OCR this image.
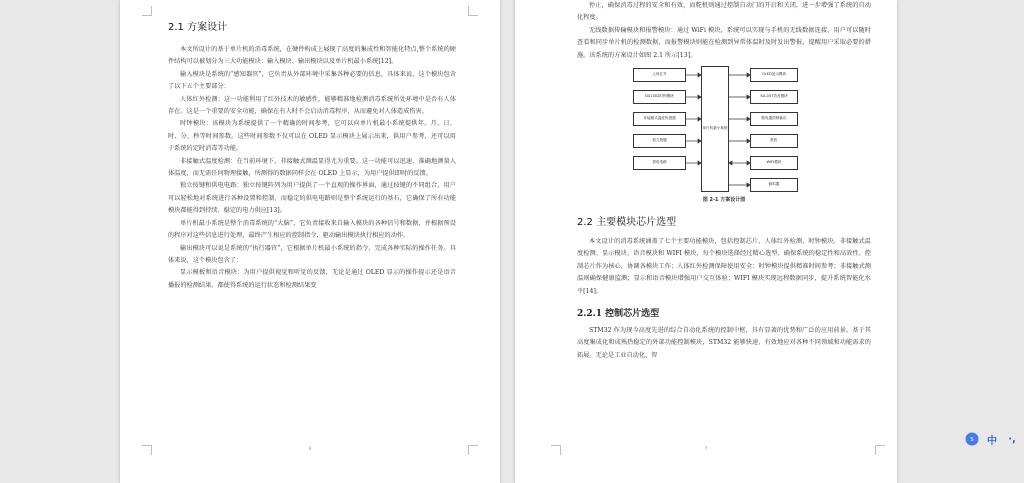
2.1 方案设计

本文所设计的基于单片机的消毒系统，在硬件构成上展现了高度的集成性和智能化特点,整个系统的硬件结构可以被划分为三大功能模块：输入模块、输出模块以及单片机最小系统[12]。

输入模块是系统的“感知器官”，它负责从外部环境中采集各种必要的信息，具体来说，这个模块包含了以下五个主要部分：

人体红外检测：这一功能利用了红外技术的敏感性，能够精准地检测消毒系统所处环境中是否有人体存在。这是一个重要的安全功能，确保在有人时不会启动消毒程序，从而避免对人体造成伤害。

时钟模块：该模块为系统提供了一个精确的时间参考，它可以向单片机最小系统提供年、月、日、时、分、秒等时间参数。这些时间参数不仅可以在 OLED 显示模块上展示出来，供用户参考，还可以用于系统的定时消毒等功能。

非接触式温度检测：在当前环境下，非接触式测温显得尤为重要。这一功能可以迅速、准确地测量人体温度，而无需任何物理接触，所测得的数据同样会在 OLED 上显示，为用户提供即时的反馈。

独立按键和供电电路：独立按键阵列为用户提供了一个直观的操作界面，通过按键的不同组合，用户可以轻松地对系统进行各种设置和控制，而稳定的供电电路则是整个系统运行的基石，它确保了所有功能模块都能得到持续、稳定的电力供应[13]。

单片机最小系统是整个消毒系统的“大脑”，它负责接收来自输入模块的各种信号和数据，并根据预设的程序对这些信息进行处理，最终产生相应的控制指令，驱动输出模块执行相应的动作。

输出模块可以说是系统的“执行器官”，它根据单片机最小系统的指令，完成各种实际的操作任务。具体来说，这个模块包含了：

显示模板和语音模块：为用户提供视觉和听觉的反馈，无论是通过 OLED 显示的操作提示还是语音播报的检测结果，都使得系统的运行状态和检测结果变

6

停止，确保消毒过程的安全和有效，而舵机则通过控制自动门的开启和关闭，进一步增强了系统的自动化程度。

无线数据传输模块和报警模块：通过 WiFi 模块，系统可以实现与手机的无线数据连接，用户可以随时查看和同步单片机的检测数据，而报警模块则能在检测到异常体温时及时发出警报，提醒用户采取必要的措施。该系统的方案设计如图 2.1 所示[13]。

人体红外
DS1302时钟模块
非接触式温度传感器
独立按键
供电电路
单片机最小系统
OLED显示模块
SU-03T语音模块
继电器控制输出
舵机
WIFI模块
蜂鸣器
图 2-1 方案设计图
2.2 主要模块芯片选型

本文设计的消毒系统涵盖了七个主要功能模块，包括控制芯片、人体红外检测、时钟模块、非接触式温度检测、显示模块、语音模块和 WIFI 模块，每个模块选择经过精心选型，确保系统的稳定性和高效性。控制芯片作为核心，协调各模块工作；人体红外检测保障使用安全；时钟模块提供精准时间参考；非接触式测温则确保健康监测；显示和语音模块增强用户交互体验；WIFI 模块实现远程数据同步，提升系统智能化水平[14]。

2.2.1 控制芯片选型

STM32 作为现今高度先进的综合自动化系统的控制中枢，具有显著的优势和广泛的应用前景。基于其高度集成化和成熟热稳定的外部功能控制模块，STM32 能够快速、有效地应对各种不同领域和功能需求的拓展。无论是工业自动化、智

7
S	中	·,
